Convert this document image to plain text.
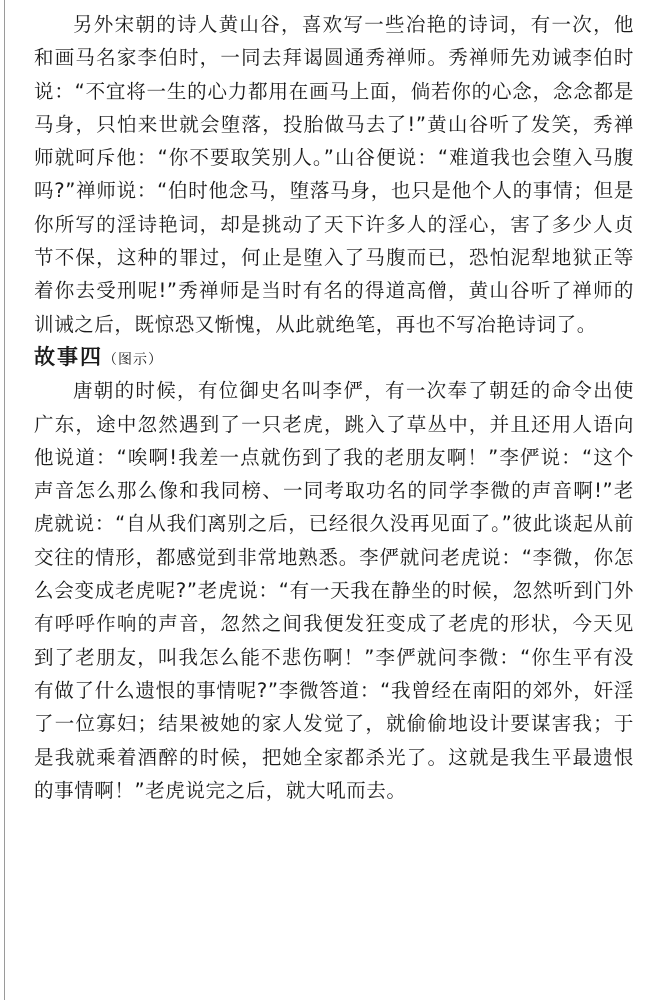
另外宋朝的诗人黄山谷，喜欢写一些冶艳的诗词，有一次，他和画马名家李伯时，一同去拜谒圆通秀禅师。秀禅师先劝诫李伯时说：“不宜将一生的心力都用在画马上面，倘若你的心念，念念都是马身，只怕来世就会堕落，投胎做马去了!”黄山谷听了发笑，秀禅师就呵斥他：“你不要取笑别人。”山谷便说：“难道我也会堕入马腹吗?”禅师说：“伯时他念马，堕落马身，也只是他个人的事情；但是你所写的淫诗艳词，却是挑动了天下许多人的淫心，害了多少人贞节不保，这种的罪过，何止是堕入了马腹而已，恐怕泥犁地狱正等着你去受刑呢!”秀禅师是当时有名的得道高僧，黄山谷听了禅师的训诫之后，既惊恐又惭愧，从此就绝笔，再也不写冶艳诗词了。

故事四（图示）

唐朝的时候，有位御史名叫李俨，有一次奉了朝廷的命令出使广东，途中忽然遇到了一只老虎，跳入了草丛中，并且还用人语向他说道：“唉啊!我差一点就伤到了我的老朋友啊！”李俨说：“这个声音怎么那么像和我同榜、一同考取功名的同学李微的声音啊!”老虎就说：“自从我们离别之后，已经很久没再见面了。”彼此谈起从前交往的情形，都感觉到非常地熟悉。李俨就问老虎说：“李微，你怎么会变成老虎呢?”老虎说：“有一天我在静坐的时候，忽然听到门外有呼呼作响的声音，忽然之间我便发狂变成了老虎的形状，今天见到了老朋友，叫我怎么能不悲伤啊！”李俨就问李微：“你生平有没有做了什么遗恨的事情呢?”李微答道：“我曾经在南阳的郊外，奸淫了一位寡妇；结果被她的家人发觉了，就偷偷地设计要谋害我；于是我就乘着酒醉的时候，把她全家都杀光了。这就是我生平最遗恨的事情啊！”老虎说完之后，就大吼而去。
